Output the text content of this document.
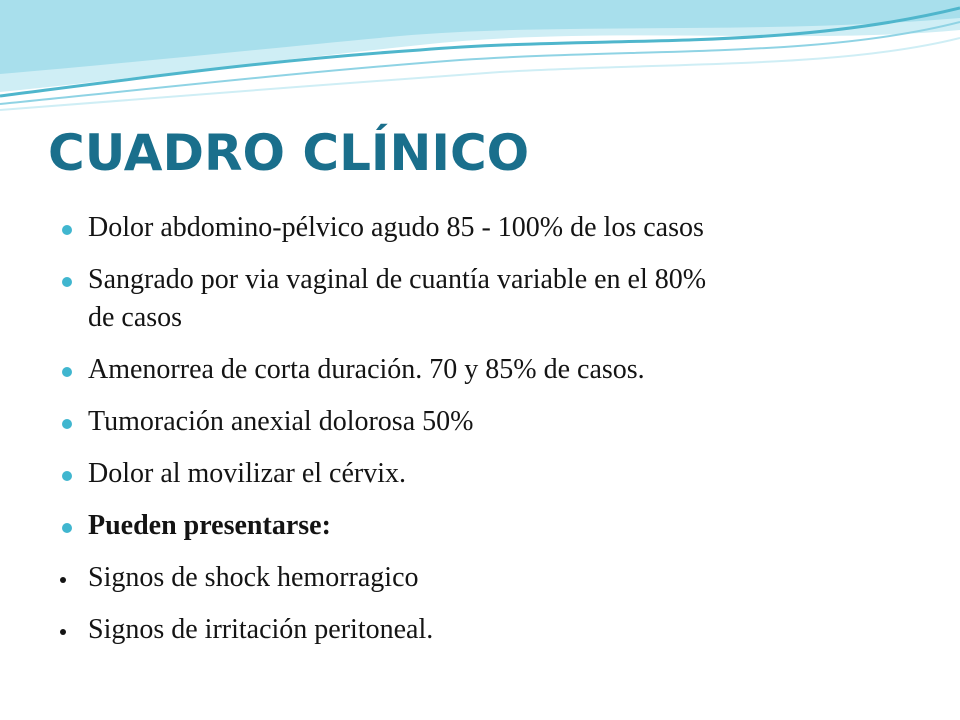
CUADRO CLÍNICO
Dolor abdomino-pélvico agudo 85 - 100% de los casos
Sangrado por via vaginal de cuantía variable en el 80%
de casos
Amenorrea de corta duración. 70 y 85% de casos.
Tumoración anexial dolorosa 50%
Dolor al movilizar el cérvix.
Pueden presentarse:
Signos de shock hemorragico
Signos de irritación peritoneal.
